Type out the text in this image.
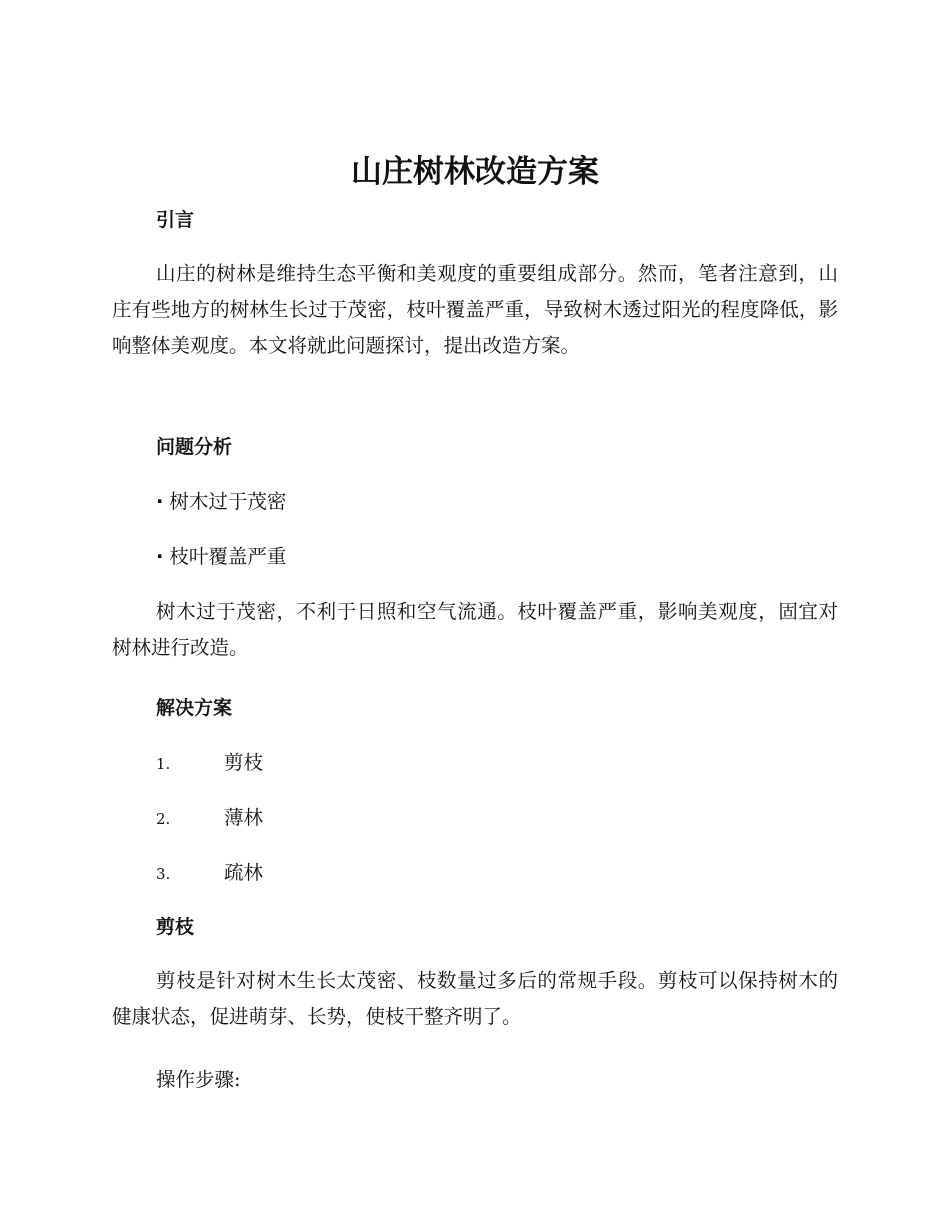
山庄树林改造方案
引言
山庄的树林是维持生态平衡和美观度的重要组成部分。然而，笔者注意到，山庄有些地方的树林生长过于茂密，枝叶覆盖严重，导致树木透过阳光的程度降低，影响整体美观度。本文将就此问题探讨，提出改造方案。
问题分析
· 树木过于茂密
· 枝叶覆盖严重
树木过于茂密，不利于日照和空气流通。枝叶覆盖严重，影响美观度，固宜对树林进行改造。
解决方案
1.	剪枝
2.	薄林
3.	疏林
剪枝
剪枝是针对树木生长太茂密、枝数量过多后的常规手段。剪枝可以保持树木的健康状态，促进萌芽、长势，使枝干整齐明了。
操作步骤:
